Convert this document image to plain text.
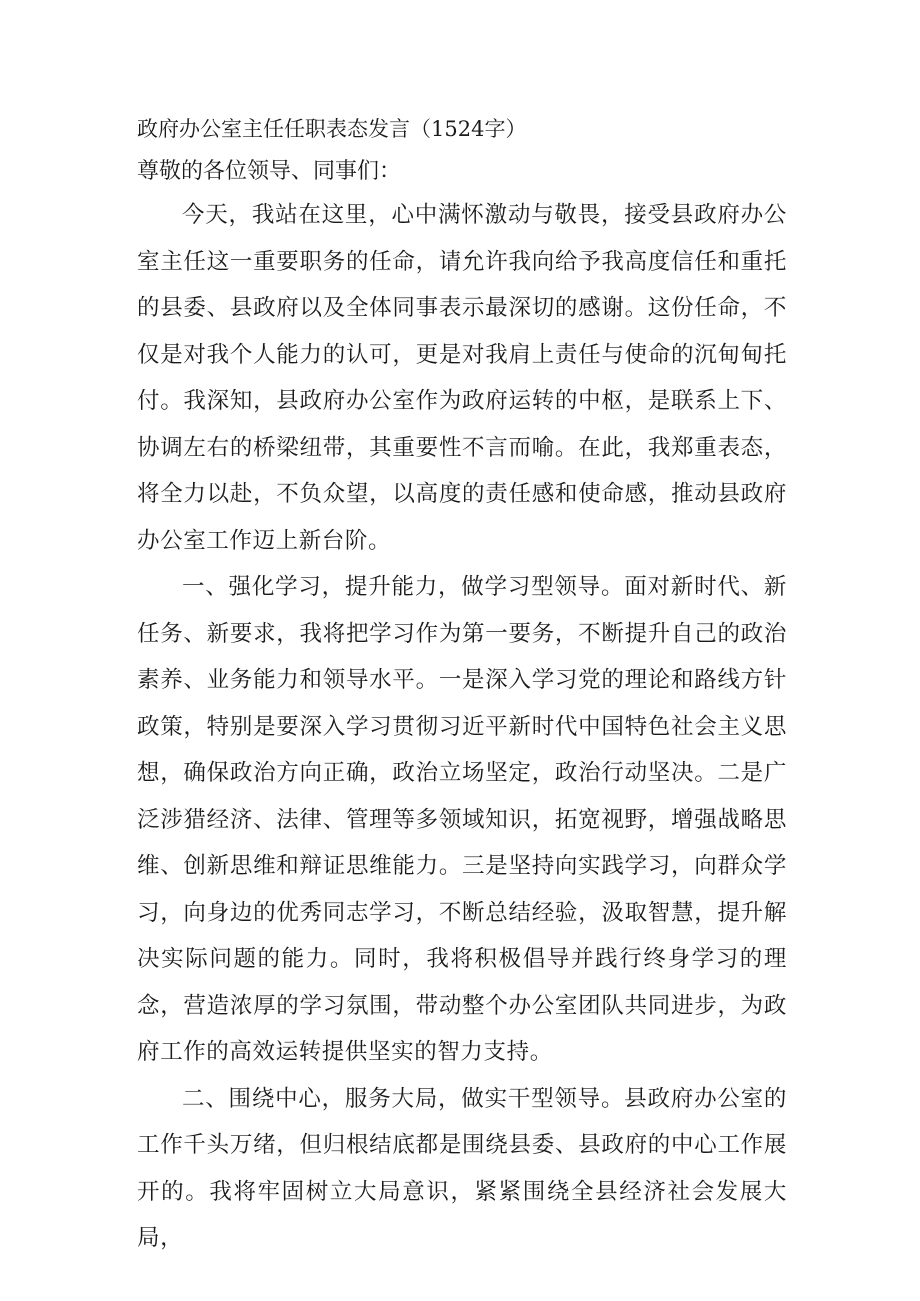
政府办公室主任任职表态发言（1524字）

尊敬的各位领导、同事们：

今天，我站在这里，心中满怀激动与敬畏，接受县政府办公室主任这一重要职务的任命，请允许我向给予我高度信任和重托的县委、县政府以及全体同事表示最深切的感谢。这份任命，不仅是对我个人能力的认可，更是对我肩上责任与使命的沉甸甸托付。我深知，县政府办公室作为政府运转的中枢，是联系上下、协调左右的桥梁纽带，其重要性不言而喻。在此，我郑重表态，将全力以赴，不负众望，以高度的责任感和使命感，推动县政府办公室工作迈上新台阶。

一、强化学习，提升能力，做学习型领导。面对新时代、新任务、新要求，我将把学习作为第一要务，不断提升自己的政治素养、业务能力和领导水平。一是深入学习党的理论和路线方针政策，特别是要深入学习贯彻习近平新时代中国特色社会主义思想，确保政治方向正确，政治立场坚定，政治行动坚决。二是广泛涉猎经济、法律、管理等多领域知识，拓宽视野，增强战略思维、创新思维和辩证思维能力。三是坚持向实践学习，向群众学习，向身边的优秀同志学习，不断总结经验，汲取智慧，提升解决实际问题的能力。同时，我将积极倡导并践行终身学习的理念，营造浓厚的学习氛围，带动整个办公室团队共同进步，为政府工作的高效运转提供坚实的智力支持。

二、围绕中心，服务大局，做实干型领导。县政府办公室的工作千头万绪，但归根结底都是围绕县委、县政府的中心工作展开的。我将牢固树立大局意识，紧紧围绕全县经济社会发展大局，
